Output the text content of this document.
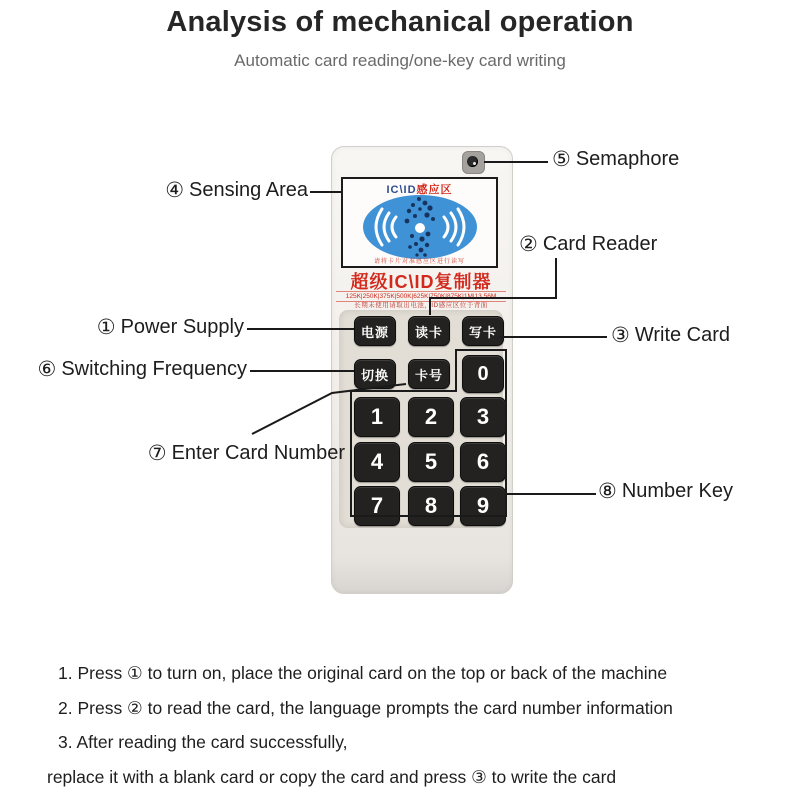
Analysis of mechanical operation
Automatic card reading/one-key card writing
IC\ID感应区
请将卡片对准感应区进行读写
超级IC\ID复制器
125K|250K|375K|500K|625K|750K|875K|1M|13.56M
长期未使用请取出电池，ID感应区位于背面
电源	读卡	写卡
切换	卡号	0
1	2	3
4	5	6
7	8	9
④ Sensing Area
⑤ Semaphore
② Card Reader
① Power Supply	③ Write Card
⑥ Switching Frequency
⑦ Enter Card Number
⑧ Number Key
1. Press ① to turn on, place the original card on the top or back of the machine
2. Press ② to read the card, the language prompts the card number information
3. After reading the card successfully,
replace it with a blank card or copy the card and press ③ to write the card
